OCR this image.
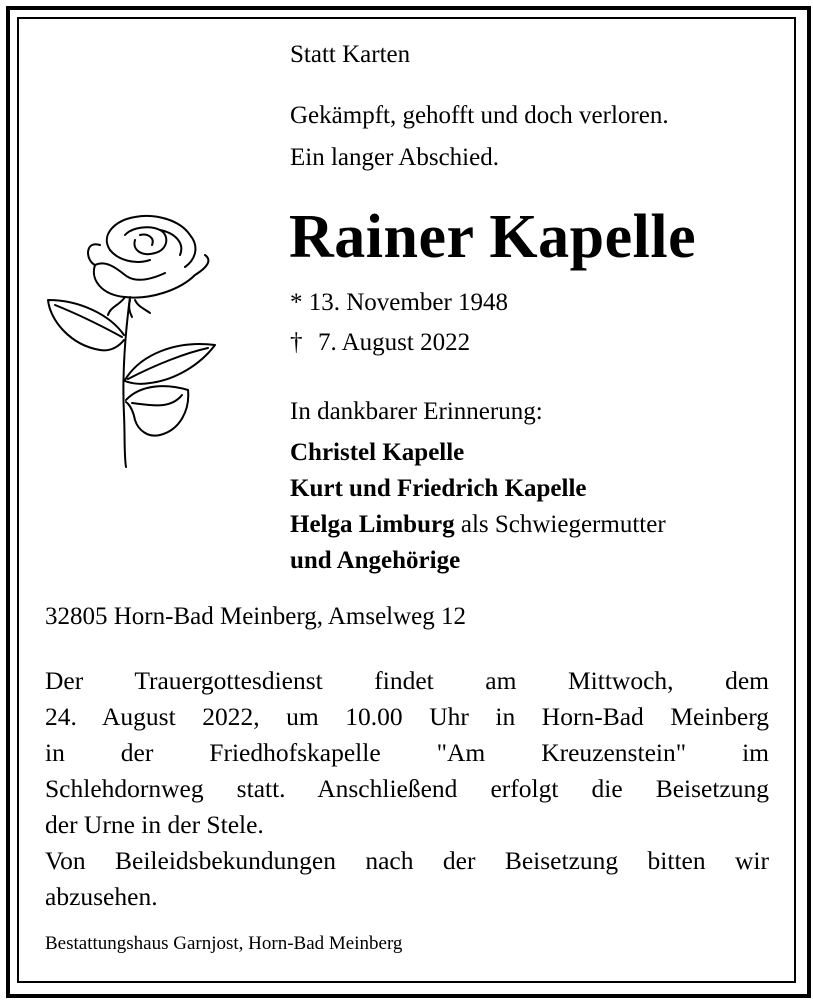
Statt Karten
Gekämpft, gehofft und doch verloren.
Ein langer Abschied.
Rainer Kapelle
* 13. November 1948
† 7. August 2022
In dankbarer Erinnerung:
Christel Kapelle
Kurt und Friedrich Kapelle
Helga Limburg als Schwiegermutter
und Angehörige
32805 Horn-Bad Meinberg, Amselweg 12
Der Trauergottesdienst findet am Mittwoch, dem
24. August 2022, um 10.00 Uhr in Horn-Bad Meinberg
in der Friedhofskapelle "Am Kreuzenstein" im
Schlehdornweg statt. Anschließend erfolgt die Beisetzung
der Urne in der Stele.
Von Beileidsbekundungen nach der Beisetzung bitten wir
abzusehen.
Bestattungshaus Garnjost, Horn-Bad Meinberg
